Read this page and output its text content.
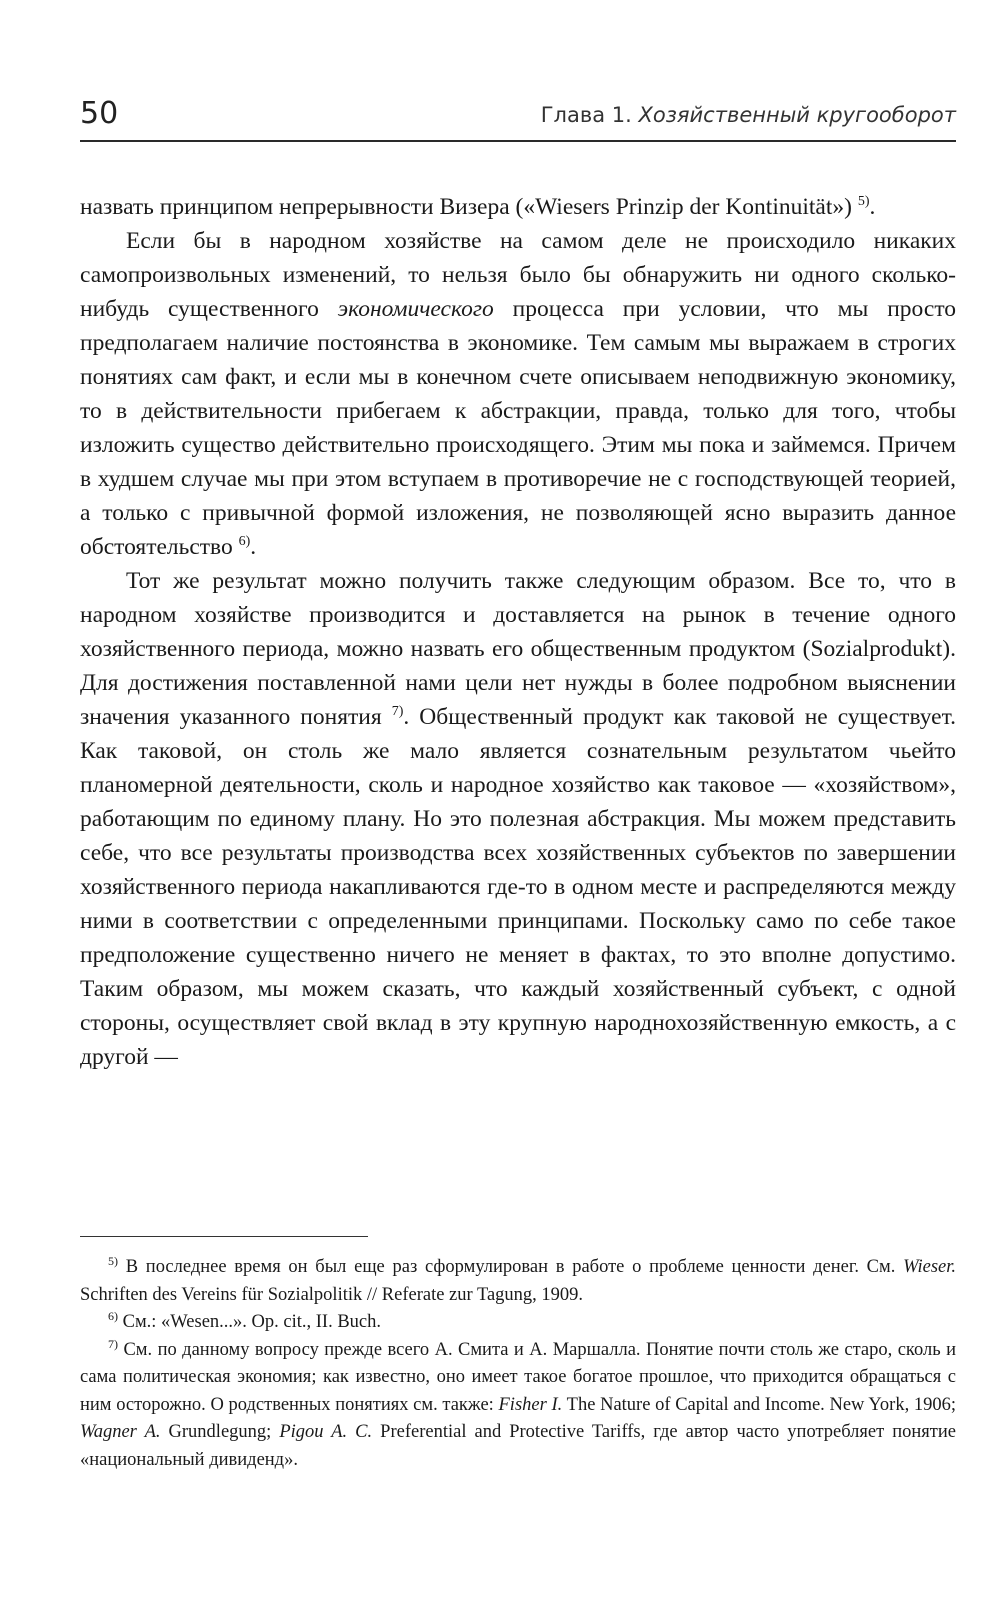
50	Глава 1. Хозяйственный кругооборот

назвать принципом непрерывности Визера («Wiesers Prinzip der Kontinuität») $^{5)}$.

Если бы в народном хозяйстве на самом деле не происходило никаких самопроизвольных изменений, то нельзя было бы обнаружить ни одного сколько-нибудь существенного экономического процесса при условии, что мы просто предполагаем наличие постоянства в экономике. Тем самым мы выражаем в строгих понятиях сам факт, и если мы в конечном счете описываем неподвижную экономику, то в действительности прибегаем к абстракции, правда, только для того, чтобы изложить существо действительно происходящего. Этим мы пока и займемся. Причем в худшем случае мы при этом вступаем в противоречие не с господствующей теорией, а только с привычной формой изложения, не позволяющей ясно выразить данное обстоятельство $^{6)}$.

Тот же результат можно получить также следующим образом. Все то, что в народном хозяйстве производится и доставляется на рынок в течение одного хозяйственного периода, можно назвать его общественным продуктом (Sozialprodukt). Для достижения поставленной нами цели нет нужды в более подробном выяснении значения указанного понятия $^{7)}$. Общественный продукт как таковой не существует. Как таковой, он столь же мало является сознательным результатом чьейто планомерной деятельности, сколь и народное хозяйство как таковое — «хозяйством», работающим по единому плану. Но это полезная абстракция. Мы можем представить себе, что все результаты производства всех хозяйственных субъектов по завершении хозяйственного периода накапливаются где-то в одном месте и распределяются между ними в соответствии с определенными принципами. Поскольку само по себе такое предположение существенно ничего не меняет в фактах, то это вполне допустимо. Таким образом, мы можем сказать, что каждый хозяйственный субъект, с одной стороны, осуществляет свой вклад в эту крупную народнохозяйственную емкость, а с другой —

$^{5)}$ В последнее время он был еще раз сформулирован в работе о проблеме ценности денег. См. Wieser. Schriften des Vereins für Sozialpolitik // Referate zur Tagung, 1909.

$^{6)}$ См.: «Wesen...». Op. cit., II. Buch.

$^{7)}$ См. по данному вопросу прежде всего А. Смита и А. Маршалла. Понятие почти столь же старо, сколь и сама политическая экономия; как известно, оно имеет такое богатое прошлое, что приходится обращаться с ним осторожно. О родственных понятиях см. также: Fisher I. The Nature of Capital and Income. New York, 1906; Wagner A. Grundlegung; Pigou A. C. Preferential and Protective Tariffs, где автор часто употребляет понятие «национальный дивиденд».
